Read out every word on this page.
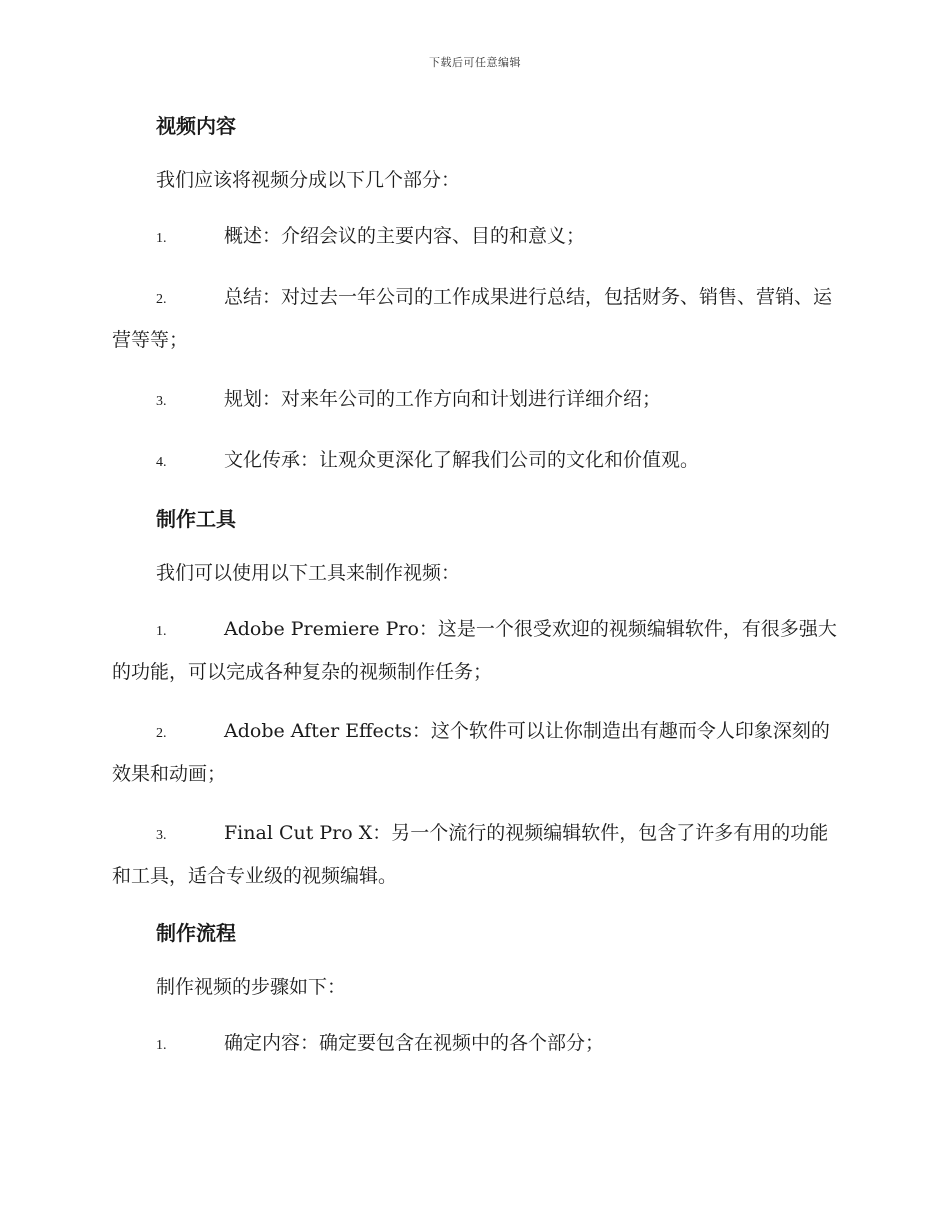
下载后可任意编辑
视频内容
我们应该将视频分成以下几个部分：
1.	概述：介绍会议的主要内容、目的和意义；
2.	总结：对过去一年公司的工作成果进行总结，包括财务、销售、营销、运营等等；
3.	规划：对来年公司的工作方向和计划进行详细介绍；
4.	文化传承：让观众更深化了解我们公司的文化和价值观。
制作工具
我们可以使用以下工具来制作视频：
1.	Adobe Premiere Pro：这是一个很受欢迎的视频编辑软件，有很多强大的功能，可以完成各种复杂的视频制作任务；
2.	Adobe After Effects：这个软件可以让你制造出有趣而令人印象深刻的效果和动画；
3.	Final Cut Pro X：另一个流行的视频编辑软件，包含了许多有用的功能和工具，适合专业级的视频编辑。
制作流程
制作视频的步骤如下：
1.	确定内容：确定要包含在视频中的各个部分；
